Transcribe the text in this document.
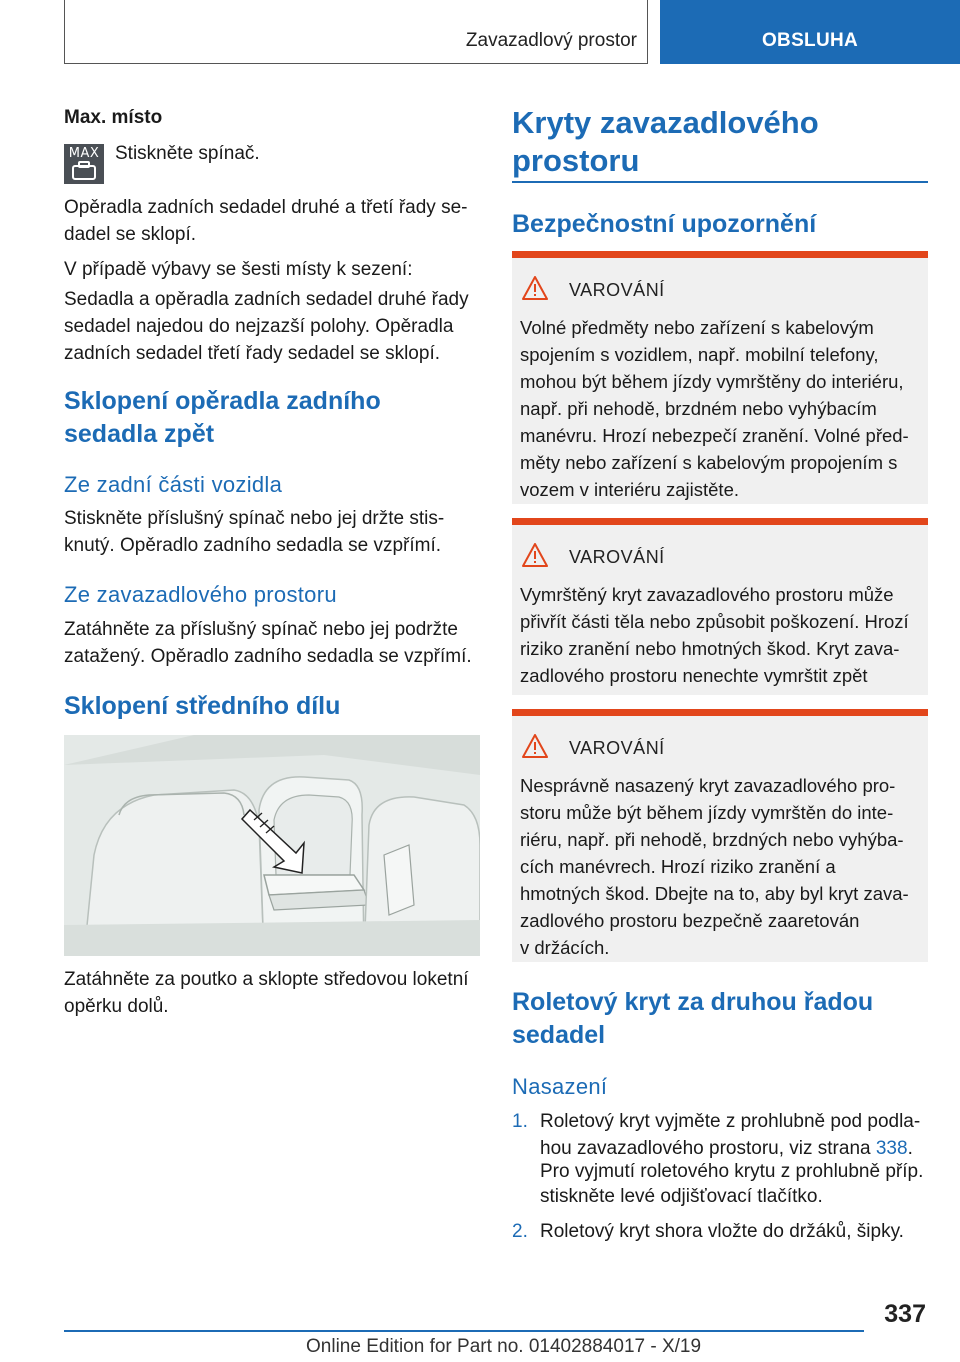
Zavazadlový prostor	OBSLUHA
Max. místo
MAX Stiskněte spínač.
Opěradla zadních sedadel druhé a třetí řady se-
dadel se sklopí.
V případě výbavy se šesti místy k sezení:
Sedadla a opěradla zadních sedadel druhé řady
sedadel najedou do nejzazší polohy. Opěradla
zadních sedadel třetí řady sedadel se sklopí.
Sklopení opěradla zadního
sedadla zpět
Ze zadní části vozidla
Stiskněte příslušný spínač nebo jej držte stis-
knutý. Opěradlo zadního sedadla se vzpřímí.
Ze zavazadlového prostoru
Zatáhněte za příslušný spínač nebo jej podržte
zatažený. Opěradlo zadního sedadla se vzpřímí.
Sklopení středního dílu
Zatáhněte za poutko a sklopte středovou loketní
opěrku dolů.
Kryty zavazadlového
prostoru
Bezpečnostní upozornění
VAROVÁNÍ
Volné předměty nebo zařízení s kabelovým
spojením s vozidlem, např. mobilní telefony,
mohou být během jízdy vymrštěny do interiéru,
např. při nehodě, brzdném nebo vyhýbacím
manévru. Hrozí nebezpečí zranění. Volné před-
měty nebo zařízení s kabelovým propojením s
vozem v interiéru zajistěte.
VAROVÁNÍ
Vymrštěný kryt zavazadlového prostoru může
přivřít části těla nebo způsobit poškození. Hrozí
riziko zranění nebo hmotných škod. Kryt zava-
zadlového prostoru nenechte vymrštit zpět
VAROVÁNÍ
Nesprávně nasazený kryt zavazadlového pro-
storu může být během jízdy vymrštěn do inte-
riéru, např. při nehodě, brzdných nebo vyhýba-
cích manévrech. Hrozí riziko zranění a
hmotných škod. Dbejte na to, aby byl kryt zava-
zadlového prostoru bezpečně zaaretován
v držácích.
Roletový kryt za druhou řadou
sedadel
Nasazení
1. Roletový kryt vyjměte z prohlubně pod podla-
hou zavazadlového prostoru, viz strana 338.
Pro vyjmutí roletového krytu z prohlubně příp.
stiskněte levé odjišťovací tlačítko.
2. Roletový kryt shora vložte do držáků, šipky.
337
Online Edition for Part no. 01402884017 - X/19
